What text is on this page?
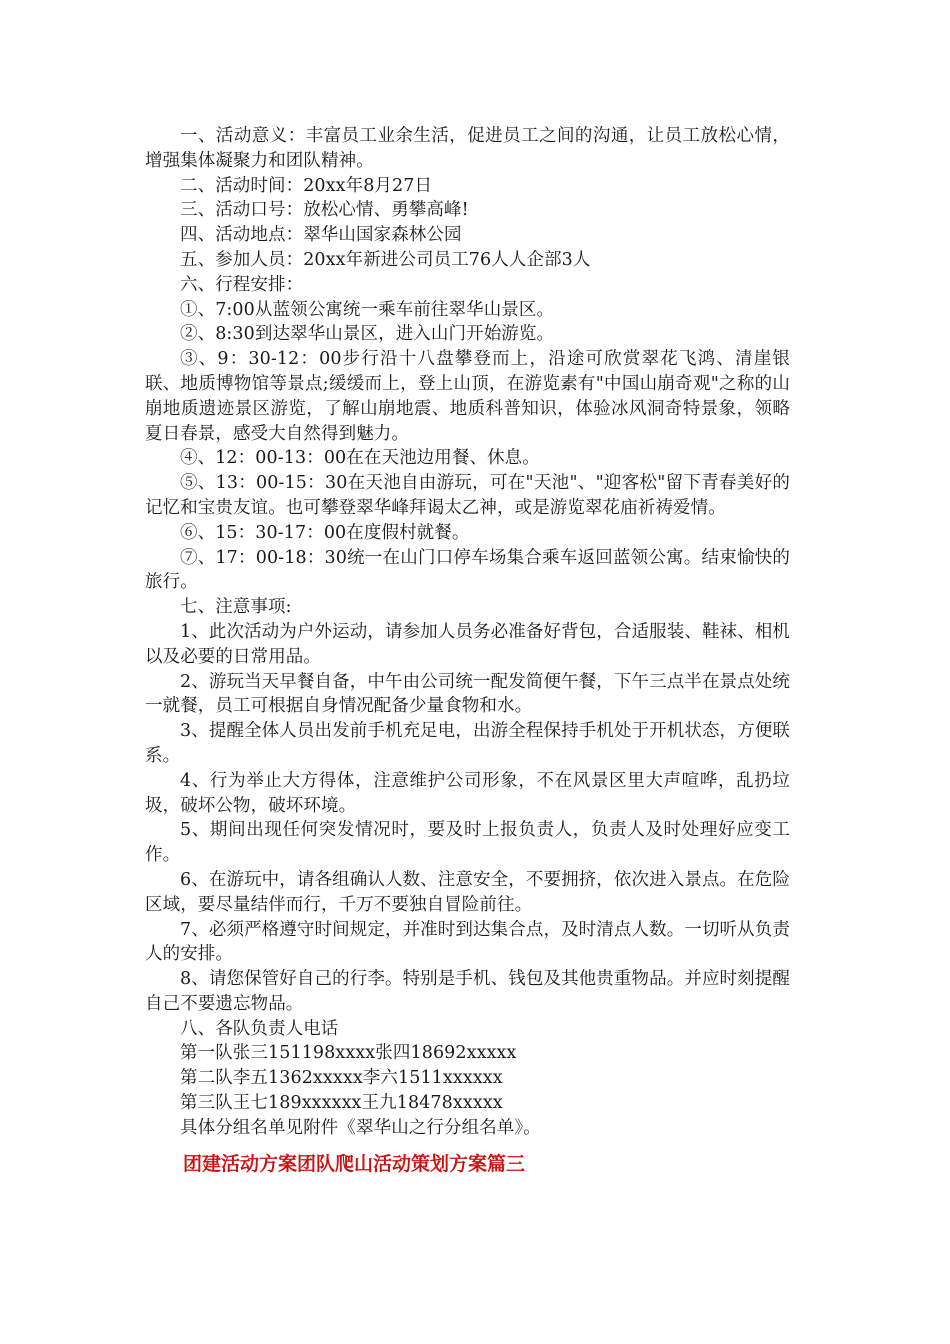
一、活动意义：丰富员工业余生活，促进员工之间的沟通，让员工放松心情，增强集体凝聚力和团队精神。

二、活动时间：20xx年8月27日

三、活动口号：放松心情、勇攀高峰!

四、活动地点：翠华山国家森林公园

五、参加人员：20xx年新进公司员工76人人企部3人

六、行程安排：

①、7:00从蓝领公寓统一乘车前往翠华山景区。

②、8:30到达翠华山景区，进入山门开始游览。

③、9：30-12：00步行沿十八盘攀登而上，沿途可欣赏翠花飞鸿、清崖银联、地质博物馆等景点;缓缓而上，登上山顶，在游览素有"中国山崩奇观"之称的山崩地质遗迹景区游览，了解山崩地震、地质科普知识，体验冰风洞奇特景象，领略夏日春景，感受大自然得到魅力。

④、12：00-13：00在在天池边用餐、休息。

⑤、13：00-15：30在天池自由游玩，可在"天池"、"迎客松"留下青春美好的记忆和宝贵友谊。也可攀登翠华峰拜谒太乙神，或是游览翠花庙祈祷爱情。

⑥、15：30-17：00在度假村就餐。

⑦、17：00-18：30统一在山门口停车场集合乘车返回蓝领公寓。结束愉快的旅行。

七、注意事项:

1、此次活动为户外运动，请参加人员务必准备好背包，合适服装、鞋袜、相机以及必要的日常用品。

2、游玩当天早餐自备，中午由公司统一配发简便午餐，下午三点半在景点处统一就餐，员工可根据自身情况配备少量食物和水。

3、提醒全体人员出发前手机充足电，出游全程保持手机处于开机状态，方便联系。

4、行为举止大方得体，注意维护公司形象，不在风景区里大声喧哗，乱扔垃圾，破坏公物，破坏环境。

5、期间出现任何突发情况时，要及时上报负责人，负责人及时处理好应变工作。

6、在游玩中，请各组确认人数、注意安全，不要拥挤，依次进入景点。在危险区域，要尽量结伴而行，千万不要独自冒险前往。

7、必须严格遵守时间规定，并准时到达集合点，及时清点人数。一切听从负责人的安排。

8、请您保管好自己的行李。特别是手机、钱包及其他贵重物品。并应时刻提醒自己不要遗忘物品。

八、各队负责人电话

第一队张三151198xxxx张四18692xxxxx

第二队李五1362xxxxx李六1511xxxxxx

第三队王七189xxxxxx王九18478xxxxx

具体分组名单见附件《翠华山之行分组名单》。

团建活动方案团队爬山活动策划方案篇三
